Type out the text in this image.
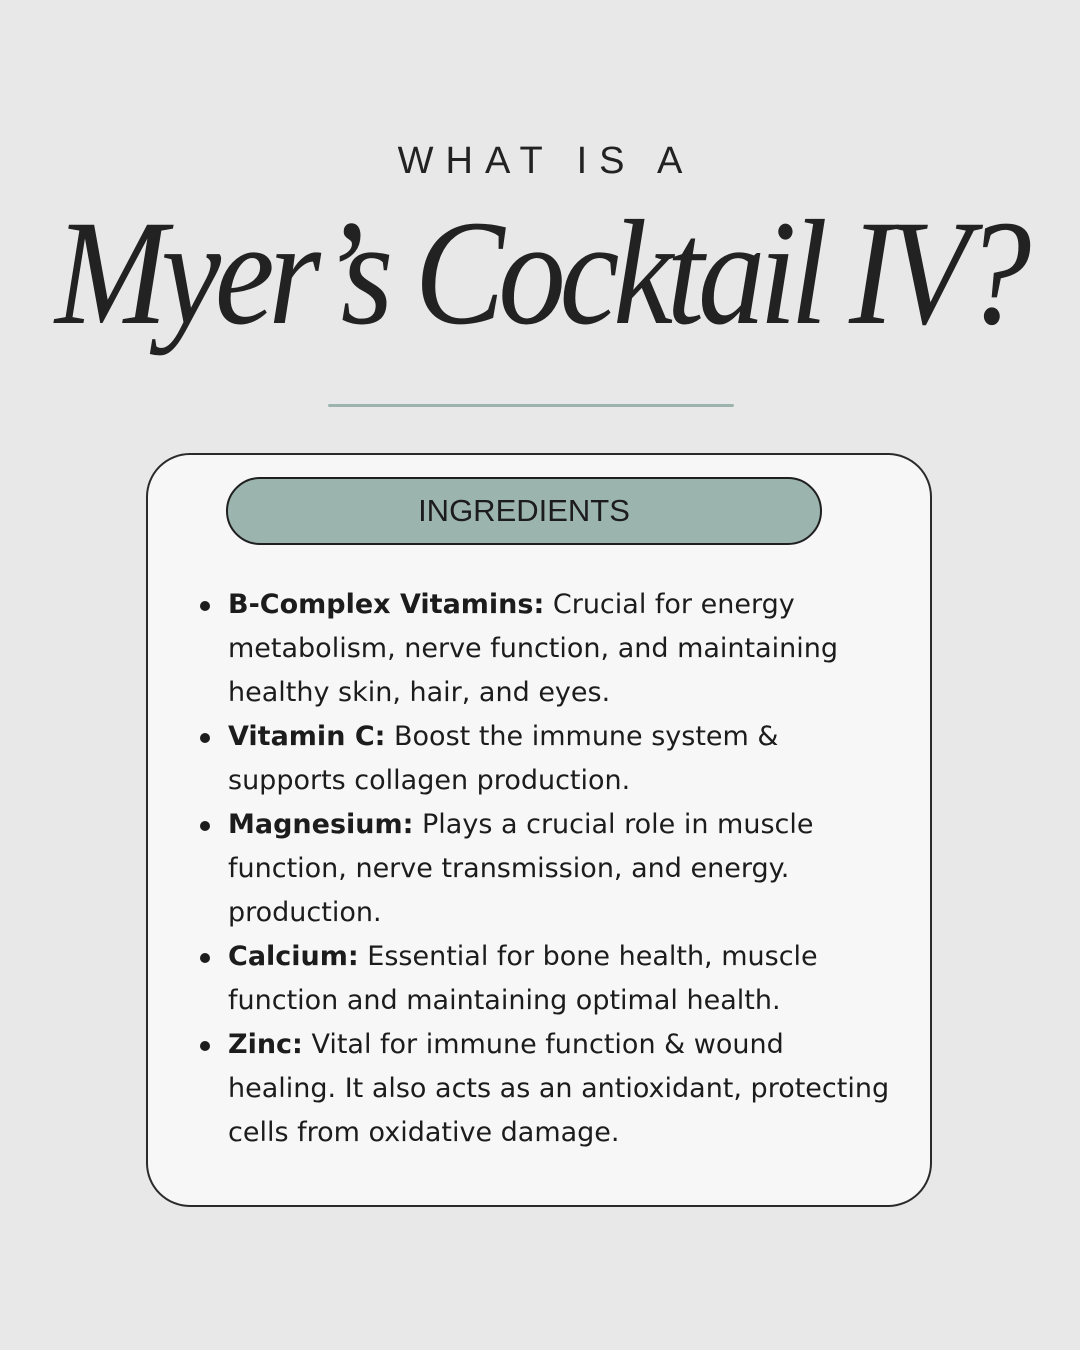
WHAT IS A
Myer’s Cocktail IV?
INGREDIENTS
B-Complex Vitamins: Crucial for energy metabolism, nerve function, and maintaining healthy skin, hair, and eyes.
Vitamin C: Boost the immune system & supports collagen production.
Magnesium: Plays a crucial role in muscle function, nerve transmission, and energy. production.
Calcium: Essential for bone health, muscle function and maintaining optimal health.
Zinc: Vital for immune function & wound healing. It also acts as an antioxidant, protecting cells from oxidative damage.
